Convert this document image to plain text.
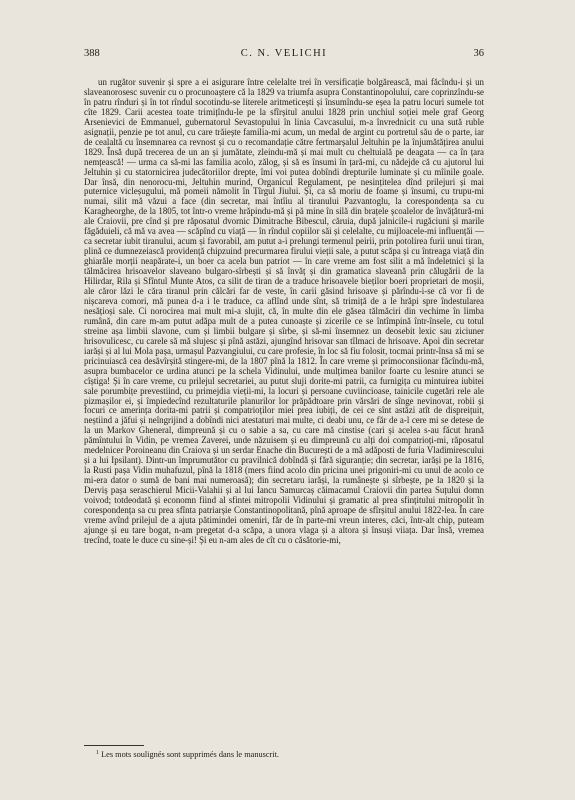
388	C. N. VELICHI	36

un rugător suvenir și spre a ei asigurare între celelalte trei în versificație bolgărească, mai făcîndu-i și un slaveanorosesc suvenir cu o procunoaștere că la 1829 va triumfa asupra Constantinopolului, care coprinzîndu-se în patru rînduri și în tot rîndul socotindu-se literele aritmeticești și însumîndu-se eșea la patru locuri sumele tot cîte 1829. Carii acestea toate trimițîndu-le pe la sfîrșitul anului 1828 prin unchiul soției mele graf Georg Arsenievici de Emmanuel, gubernatorul Sevastopului în linia Cavcasului, m-a învrednicit cu una sută ruble asignații, penzie pe tot anul, cu care trăiește familia-mi acum, un medal de argint cu portretul său de o parte, iar de cealaltă cu însemnarea ca revnost și cu o recomandație către fertmarșalul Jeltuhin pe la înjumătățirea anului 1829. Însă după trecerea de un an și jumătate, zleindu-mă și mai mult cu cheltuială pe deagata — ca în țara nemțească! — urma ca să-mi las familia acolo, zălog, și să es însumi în țară-mi, cu nădejde că cu ajutorul lui Jeltuhin și cu statornicirea judecătoriilor drepte, îmi voi putea dobîndi drepturile luminate și cu mîinile goale. Dar însă, din nenorocu-mi, Jeltuhin murind, Organicul Regulament, pe nesințitelea dînd prilejuri și mai puternice vicleșugului, mă pomeii nămolit în Tîrgul Jiului. Și, ca să moriu de foame și însumi, cu trupu-mi numai, silit mă văzui a face (din secretar, mai întîiu al tiranului Pazvantoglu, la corespondența sa cu Karagheorghe, de la 1805, tot într-o vreme hrăpindu-mă și pă mine în silă din brațele școalelor de învățătură-mi ale Craiovii, pre cînd și pre răposatul dvornic Dimitrache Bibescul, căruia, după jalnicile-i rugăciuni și marile făgăduieli, că mă va avea — scăpînd cu viață — în rîndul copiilor săi și celelalte, cu mijloacele-mi influențăi — ca secretar iubit tiranului, acum și favorabil, am putut a-i prelungi termenul peirii, prin potolirea furii unui tiran, plină ce dumnezeiască providență chipzuind precurmarea firului vieții sale, a putut scăpa și cu întreaga viață din ghiarăle morții neapărate-i, un boer ca acela bun patriot — în care vreme am fost silit a mă îndeletnici și la tălmăcirea hrisoavelor slaveano bulgaro-sîrbești și să învăț și din gramatica slaveană prin călugării de la Hilirdar, Rila și Sfîntul Munte Atos, ca silit de tiran de a traduce hrisoavele bieților boeri proprietari de moșii, ale căror lăzi le căra tiranul prin călcări far de veste, în carii găsind hrisoave și părîndu-i-se că vor fi de nișcareva comori, mă punea d-a i le traduce, ca aflînd unde sînt, să trimiță de a le hrăpi spre îndestularea nesățioși sale. Ci norocirea mai mult mi-a slujit, că, în multe din ele găsea tălmăciri din vechime în limba rumână, din care m-am putut adăpa mult de a putea cunoaște și zicerile ce se întîmpină într-însele, cu totul streine așa limbii slavone, cum și limbii bulgare și sîrbe, și să-mi însemnez un deosebit lexic sau ziciuner hrisovulicesc, cu carele să mă slujesc și pînă astăzi, ajungînd hrisovar san tîlmaci de hrisoave. Apoi din secretar iarăși și al lui Mola pașa, urmașul Pazvangiului, cu care profesie, în loc să fiu folosit, tocmai printr-însa să mi se pricinuiască cea desăvîrșită stingere-mi, de la 1807 pînă la 1812. În care vreme și primoconsiionar făcîndu-mă, asupra bumbacelor ce urdina atunci pe la schela Vidinului, unde mulțimea banilor foarte cu lesnire atunci se cîștiga! Și în care vreme, cu prilejul secretariei, au putut sluji dorite-mi patrii, ca furnigița cu mintuirea iubitei sale porumbițe prevestiind, cu primejdia vieții-mi, la locuri și persoane cuviincioase, tainicile cugetări rele ale pizmașilor ei, și împiedecînd rezultaturile planurilor lor prăpădtoare prin vărsări de sînge nevinovat, robii și focuri ce amerința dorita-mi patrii și compatrioților miei prea iubiți, de cei ce sînt astăzi atît de dispreițuit, neștiind a jăfui și neîngrijind a dobîndi nici atestaturi mai multe, ci deabi unu, ce făr de a-l cere mi se detese de la un Markov Gheneral, dimpreună și cu o sabie a sa, cu care mă cinstise (cari și acelea s-au făcut hrană pămîntului în Vidin, pe vremea Zaverei, unde năzuisem și eu dimpreună cu alți doi compatrioți-mi, răposatul medelnicer Poroineanu din Craiova și un serdar Enache din București de a mă adăposti de furia Vladimirescului și a lui Ipsilant). Dintr-un împrumutător cu pravilnică dobîndă și fără siguranție; din secretar, iarăși pe la 1816, la Rusti pașa Vidin muhafuzul, pînă la 1818 (mers fiind acolo din pricina unei prigoniri-mi cu unul de acolo ce mi-era dator o sumă de bani mai numeroasă); din secretaru iarăși, la rumânește și sîrbește, pe la 1820 și la Derviș pașa seraschierul Micii-Valahii și al lui Iancu Samurcaș căimacamul Craiovii din partea Suțului domn voivod; totdeodată și economn fiind al sfintei mitropolii Vidinului și gramatic al prea sfințitului mitropolit în corespondența sa cu prea sfînta patriarșie Constantinopolitană, pînă aproape de sfîrșitul anului 1822-lea. În care vreme avînd prilejul de a ajuta pătimindei omeniri, făr de în parte-mi vreun interes, căci, într-alt chip, puteam ajunge și eu tare bogat, n-am pregetat d-a scăpa, a unora vlaga și a altora și însuși viiața. Dar însă, vremea trecînd, toate le duce cu sine-și! Și eu n-am ales de cît cu o căsătorie-mi,

$^1$ Les mots soulignés sont supprimés dans le manuscrit.
